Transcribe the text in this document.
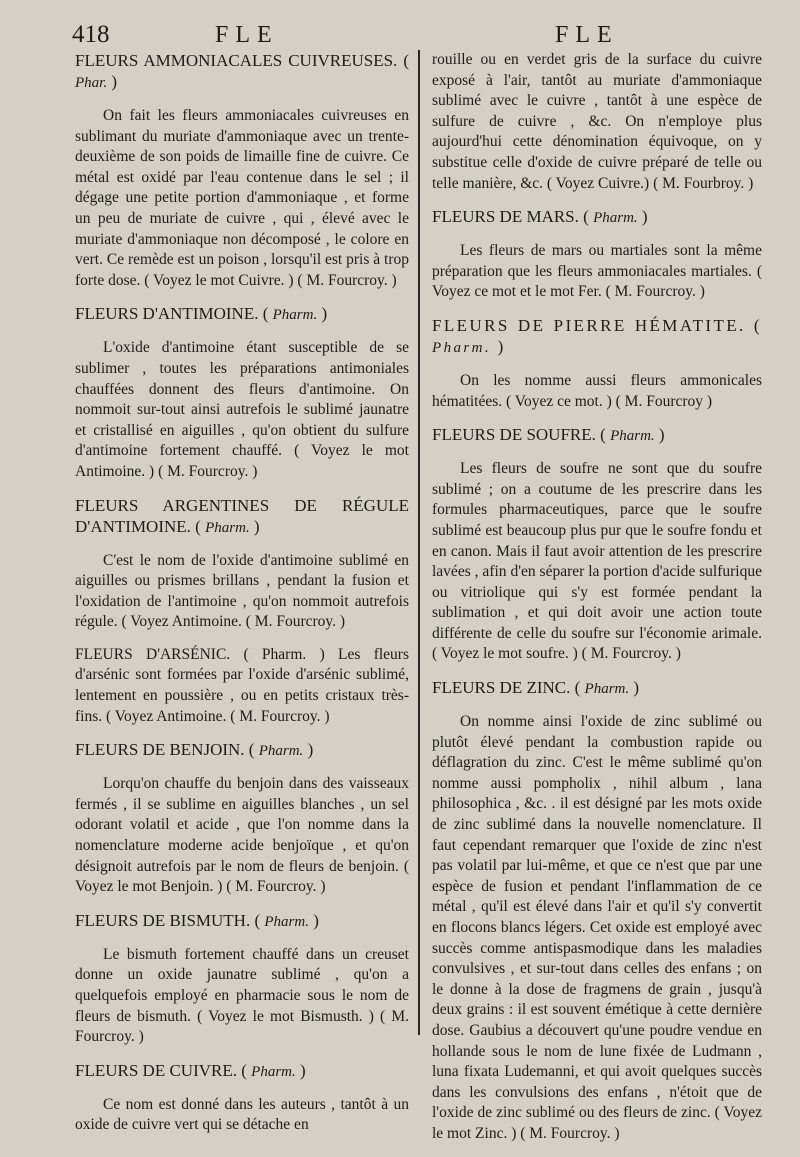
418	FLE	FLE
FLEURS AMMONIACALES CUIVREUSES. ( Phar. )

On fait les fleurs ammoniacales cuivreuses en sublimant du muriate d'ammoniaque avec un trente-deuxième de son poids de limaille fine de cuivre. Ce métal est oxidé par l'eau contenue dans le sel ; il dégage une petite portion d'ammoniaque , et forme un peu de muriate de cuivre , qui , élevé avec le muriate d'ammoniaque non décomposé , le colore en vert. Ce remède est un poison , lorsqu'il est pris à trop forte dose. ( Voyez le mot Cuivre. ) ( M. Fourcroy. )

FLEURS D'ANTIMOINE. ( Pharm. )

L'oxide d'antimoine étant susceptible de se sublimer , toutes les préparations antimoniales chauffées donnent des fleurs d'antimoine. On nommoit sur-tout ainsi autrefois le sublimé jaunatre et cristallisé en aiguilles , qu'on obtient du sulfure d'antimoine fortement chauffé. ( Voyez le mot Antimoine. ) ( M. Fourcroy. )

FLEURS ARGENTINES DE RÉGULE D'ANTIMOINE. ( Pharm. )

C'est le nom de l'oxide d'antimoine sublimé en aiguilles ou prismes brillans , pendant la fusion et l'oxidation de l'antimoine , qu'on nommoit autrefois régule. ( Voyez Antimoine. ( M. Fourcroy. )

FLEURS D'ARSÉNIC. ( Pharm. ) Les fleurs d'arsénic sont formées par l'oxide d'arsénic sublimé, lentement en poussière , ou en petits cristaux très-fins. ( Voyez Antimoine. ( M. Fourcroy. )

FLEURS DE BENJOIN. ( Pharm. )

Lorqu'on chauffe du benjoin dans des vaisseaux fermés , il se sublime en aiguilles blanches , un sel odorant volatil et acide , que l'on nomme dans la nomenclature moderne acide benjoïque , et qu'on désignoit autrefois par le nom de fleurs de benjoin. ( Voyez le mot Benjoin. ) ( M. Fourcroy. )

FLEURS DE BISMUTH. ( Pharm. )

Le bismuth fortement chauffé dans un creuset donne un oxide jaunatre sublimé , qu'on a quelquefois employé en pharmacie sous le nom de fleurs de bismuth. ( Voyez le mot Bismusth. ) ( M. Fourcroy. )

FLEURS DE CUIVRE. ( Pharm. )

Ce nom est donné dans les auteurs , tantôt à un oxide de cuivre vert qui se détache en

rouille ou en verdet gris de la surface du cuivre exposé à l'air, tantôt au muriate d'ammoniaque sublimé avec le cuivre , tantôt à une espèce de sulfure de cuivre , &c. On n'employe plus aujourd'hui cette dénomination équivoque, on y substitue celle d'oxide de cuivre préparé de telle ou telle manière, &c. ( Voyez Cuivre.) ( M. Fourbroy. )

FLEURS DE MARS. ( Pharm. )

Les fleurs de mars ou martiales sont la même préparation que les fleurs ammoniacales martiales. ( Voyez ce mot et le mot Fer. ( M. Fourcroy. )

FLEURS DE PIERRE HÉMATITE. ( Pharm. )

On les nomme aussi fleurs ammonicales hématitées. ( Voyez ce mot. ) ( M. Fourcroy )

FLEURS DE SOUFRE. ( Pharm. )

Les fleurs de soufre ne sont que du soufre sublimé ; on a coutume de les prescrire dans les formules pharmaceutiques, parce que le soufre sublimé est beaucoup plus pur que le soufre fondu et en canon. Mais il faut avoir attention de les prescrire lavées , afin d'en séparer la portion d'acide sulfurique ou vitriolique qui s'y est formée pendant la sublimation , et qui doit avoir une action toute différente de celle du soufre sur l'économie arimale. ( Voyez le mot soufre. ) ( M. Fourcroy. )

FLEURS DE ZINC. ( Pharm. )

On nomme ainsi l'oxide de zinc sublimé ou plutôt élevé pendant la combustion rapide ou déflagration du zinc. C'est le même sublimé qu'on nomme aussi pompholix , nihil album , lana philosophica , &c. . il est désigné par les mots oxide de zinc sublimé dans la nouvelle nomenclature. Il faut cependant remarquer que l'oxide de zinc n'est pas volatil par lui-même, et que ce n'est que par une espèce de fusion et pendant l'inflammation de ce métal , qu'il est élevé dans l'air et qu'il s'y convertit en flocons blancs légers. Cet oxide est employé avec succès comme antispasmodique dans les maladies convulsives , et sur-tout dans celles des enfans ; on le donne à la dose de fragmens de grain , jusqu'à deux grains : il est souvent émétique à cette dernière dose. Gaubius a découvert qu'une poudre vendue en hollande sous le nom de lune fixée de Ludmann , luna fixata Ludemanni, et qui avoit quelques succès dans les convulsions des enfans , n'étoit que de l'oxide de zinc sublimé ou des fleurs de zinc. ( Voyez le mot Zinc. ) ( M. Fourcroy. )
